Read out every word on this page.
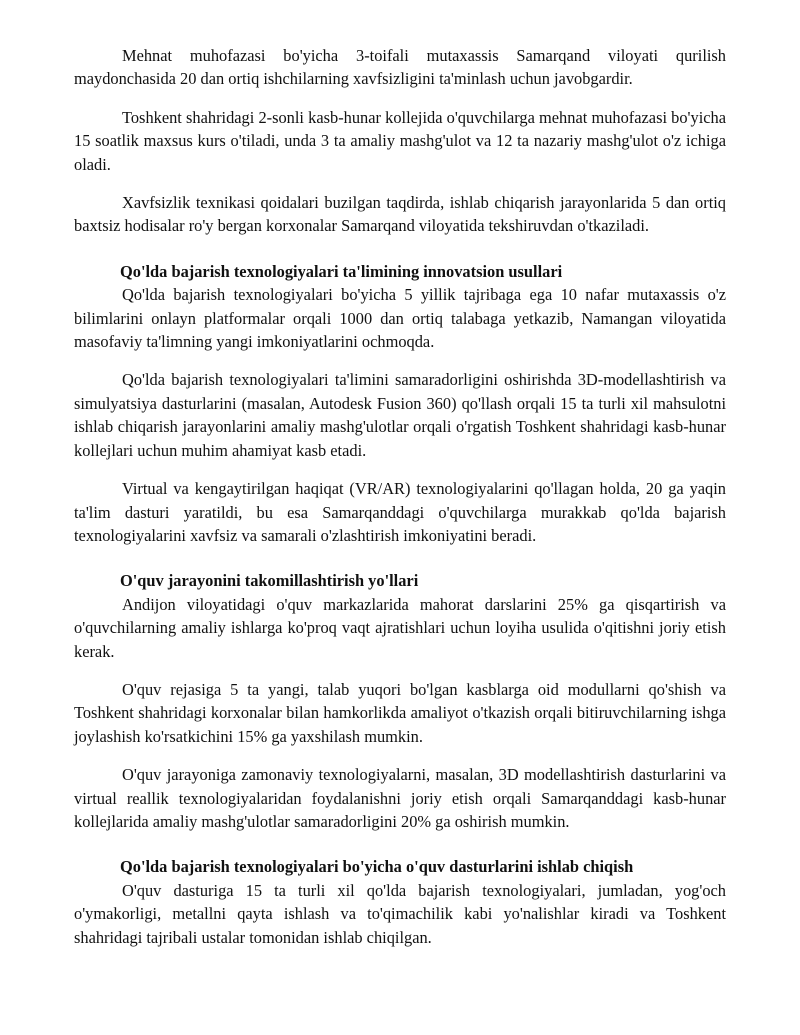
Mehnat muhofazasi bo'yicha 3-toifali mutaxassis Samarqand viloyati qurilish maydonchasida 20 dan ortiq ishchilarning xavfsizligini ta'minlash uchun javobgardir.

Toshkent shahridagi 2-sonli kasb-hunar kollejida o'quvchilarga mehnat muhofazasi bo'yicha 15 soatlik maxsus kurs o'tiladi, unda 3 ta amaliy mashg'ulot va 12 ta nazariy mashg'ulot o'z ichiga oladi.

Xavfsizlik texnikasi qoidalari buzilgan taqdirda, ishlab chiqarish jarayonlarida 5 dan ortiq baxtsiz hodisalar ro'y bergan korxonalar Samarqand viloyatida tekshiruvdan o'tkaziladi.

Qo'lda bajarish texnologiyalari ta'limining innovatsion usullari

Qo'lda bajarish texnologiyalari bo'yicha 5 yillik tajribaga ega 10 nafar mutaxassis o'z bilimlarini onlayn platformalar orqali 1000 dan ortiq talabaga yetkazib, Namangan viloyatida masofaviy ta'limning yangi imkoniyatlarini ochmoqda.

Qo'lda bajarish texnologiyalari ta'limini samaradorligini oshirishda 3D-modellashtirish va simulyatsiya dasturlarini (masalan, Autodesk Fusion 360) qo'llash orqali 15 ta turli xil mahsulotni ishlab chiqarish jarayonlarini amaliy mashg'ulotlar orqali o'rgatish Toshkent shahridagi kasb-hunar kollejlari uchun muhim ahamiyat kasb etadi.

Virtual va kengaytirilgan haqiqat (VR/AR) texnologiyalarini qo'llagan holda, 20 ga yaqin ta'lim dasturi yaratildi, bu esa Samarqanddagi o'quvchilarga murakkab qo'lda bajarish texnologiyalarini xavfsiz va samarali o'zlashtirish imkoniyatini beradi.

O'quv jarayonini takomillashtirish yo'llari

Andijon viloyatidagi o'quv markazlarida mahorat darslarini 25% ga qisqartirish va o'quvchilarning amaliy ishlarga ko'proq vaqt ajratishlari uchun loyiha usulida o'qitishni joriy etish kerak.

O'quv rejasiga 5 ta yangi, talab yuqori bo'lgan kasblarga oid modullarni qo'shish va Toshkent shahridagi korxonalar bilan hamkorlikda amaliyot o'tkazish orqali bitiruvchilarning ishga joylashish ko'rsatkichini 15% ga yaxshilash mumkin.

O'quv jarayoniga zamonaviy texnologiyalarni, masalan, 3D modellashtirish dasturlarini va virtual reallik texnologiyalaridan foydalanishni joriy etish orqali Samarqanddagi kasb-hunar kollejlarida amaliy mashg'ulotlar samaradorligini 20% ga oshirish mumkin.

Qo'lda bajarish texnologiyalari bo'yicha o'quv dasturlarini ishlab chiqish

O'quv dasturiga 15 ta turli xil qo'lda bajarish texnologiyalari, jumladan, yog'och o'ymakorligi, metallni qayta ishlash va to'qimachilik kabi yo'nalishlar kiradi va Toshkent shahridagi tajribali ustalar tomonidan ishlab chiqilgan.
